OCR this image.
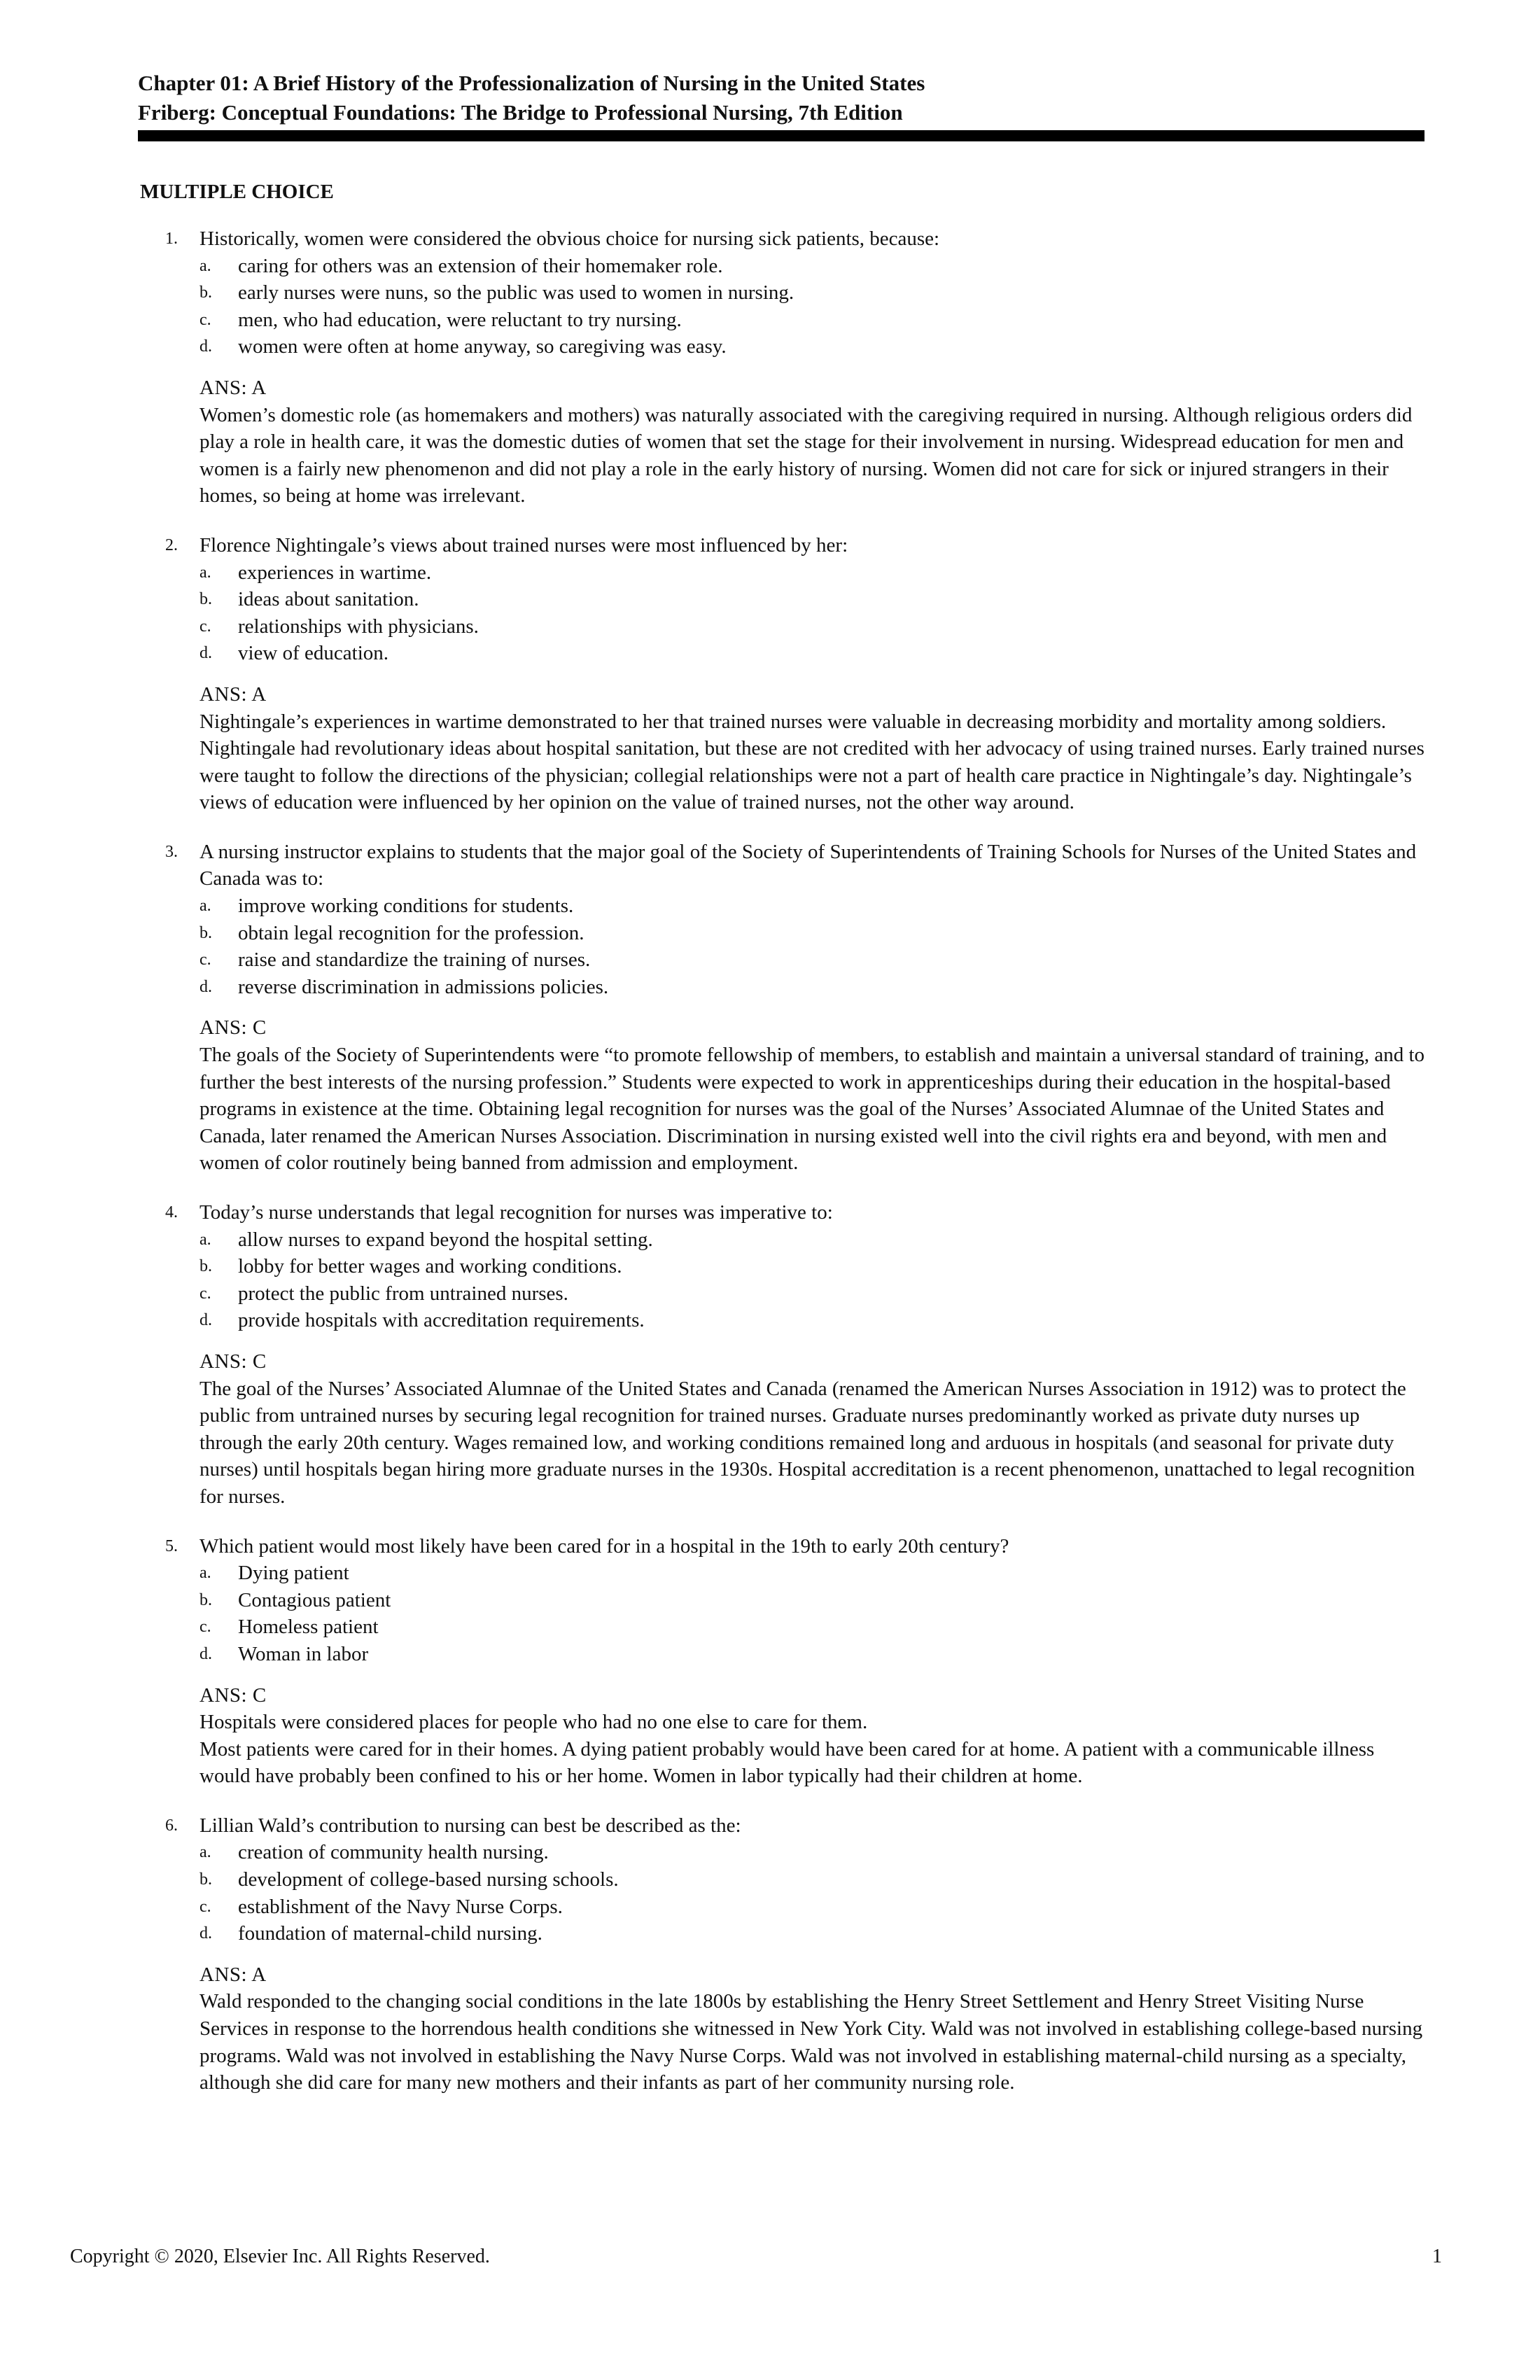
Chapter 01: A Brief History of the Professionalization of Nursing in the United States
Friberg: Conceptual Foundations: The Bridge to Professional Nursing, 7th Edition
MULTIPLE CHOICE
1. Historically, women were considered the obvious choice for nursing sick patients, because:
a. caring for others was an extension of their homemaker role.
b. early nurses were nuns, so the public was used to women in nursing.
c. men, who had education, were reluctant to try nursing.
d. women were often at home anyway, so caregiving was easy.
ANS: A

Women’s domestic role (as homemakers and mothers) was naturally associated with the caregiving required in nursing. Although religious orders did play a role in health care, it was the domestic duties of women that set the stage for their involvement in nursing. Widespread education for men and women is a fairly new phenomenon and did not play a role in the early history of nursing. Women did not care for sick or injured strangers in their homes, so being at home was irrelevant.

2. Florence Nightingale’s views about trained nurses were most influenced by her:
a. experiences in wartime.
b. ideas about sanitation.
c. relationships with physicians.
d. view of education.
ANS: A

Nightingale’s experiences in wartime demonstrated to her that trained nurses were valuable in decreasing morbidity and mortality among soldiers. Nightingale had revolutionary ideas about hospital sanitation, but these are not credited with her advocacy of using trained nurses. Early trained nurses were taught to follow the directions of the physician; collegial relationships were not a part of health care practice in Nightingale’s day. Nightingale’s views of education were influenced by her opinion on the value of trained nurses, not the other way around.

3. A nursing instructor explains to students that the major goal of the Society of Superintendents of Training Schools for Nurses of the United States and Canada was to:
a. improve working conditions for students.
b. obtain legal recognition for the profession.
c. raise and standardize the training of nurses.
d. reverse discrimination in admissions policies.
ANS: C

The goals of the Society of Superintendents were “to promote fellowship of members, to establish and maintain a universal standard of training, and to further the best interests of the nursing profession.” Students were expected to work in apprenticeships during their education in the hospital-based programs in existence at the time. Obtaining legal recognition for nurses was the goal of the Nurses’ Associated Alumnae of the United States and Canada, later renamed the American Nurses Association. Discrimination in nursing existed well into the civil rights era and beyond, with men and women of color routinely being banned from admission and employment.

4. Today’s nurse understands that legal recognition for nurses was imperative to:
a. allow nurses to expand beyond the hospital setting.
b. lobby for better wages and working conditions.
c. protect the public from untrained nurses.
d. provide hospitals with accreditation requirements.
ANS: C

The goal of the Nurses’ Associated Alumnae of the United States and Canada (renamed the American Nurses Association in 1912) was to protect the public from untrained nurses by securing legal recognition for trained nurses. Graduate nurses predominantly worked as private duty nurses up through the early 20th century. Wages remained low, and working conditions remained long and arduous in hospitals (and seasonal for private duty nurses) until hospitals began hiring more graduate nurses in the 1930s. Hospital accreditation is a recent phenomenon, unattached to legal recognition for nurses.

5. Which patient would most likely have been cared for in a hospital in the 19th to early 20th century?
a. Dying patient
b. Contagious patient
c. Homeless patient
d. Woman in labor
ANS: C

Hospitals were considered places for people who had no one else to care for them.

Most patients were cared for in their homes. A dying patient probably would have been cared for at home. A patient with a communicable illness would have probably been confined to his or her home. Women in labor typically had their children at home.

6. Lillian Wald’s contribution to nursing can best be described as the:
a. creation of community health nursing.
b. development of college-based nursing schools.
c. establishment of the Navy Nurse Corps.
d. foundation of maternal-child nursing.
ANS: A

Wald responded to the changing social conditions in the late 1800s by establishing the Henry Street Settlement and Henry Street Visiting Nurse Services in response to the horrendous health conditions she witnessed in New York City. Wald was not involved in establishing college-based nursing programs. Wald was not involved in establishing the Navy Nurse Corps. Wald was not involved in establishing maternal-child nursing as a specialty, although she did care for many new mothers and their infants as part of her community nursing role.

Copyright © 2020, Elsevier Inc. All Rights Reserved.	1
